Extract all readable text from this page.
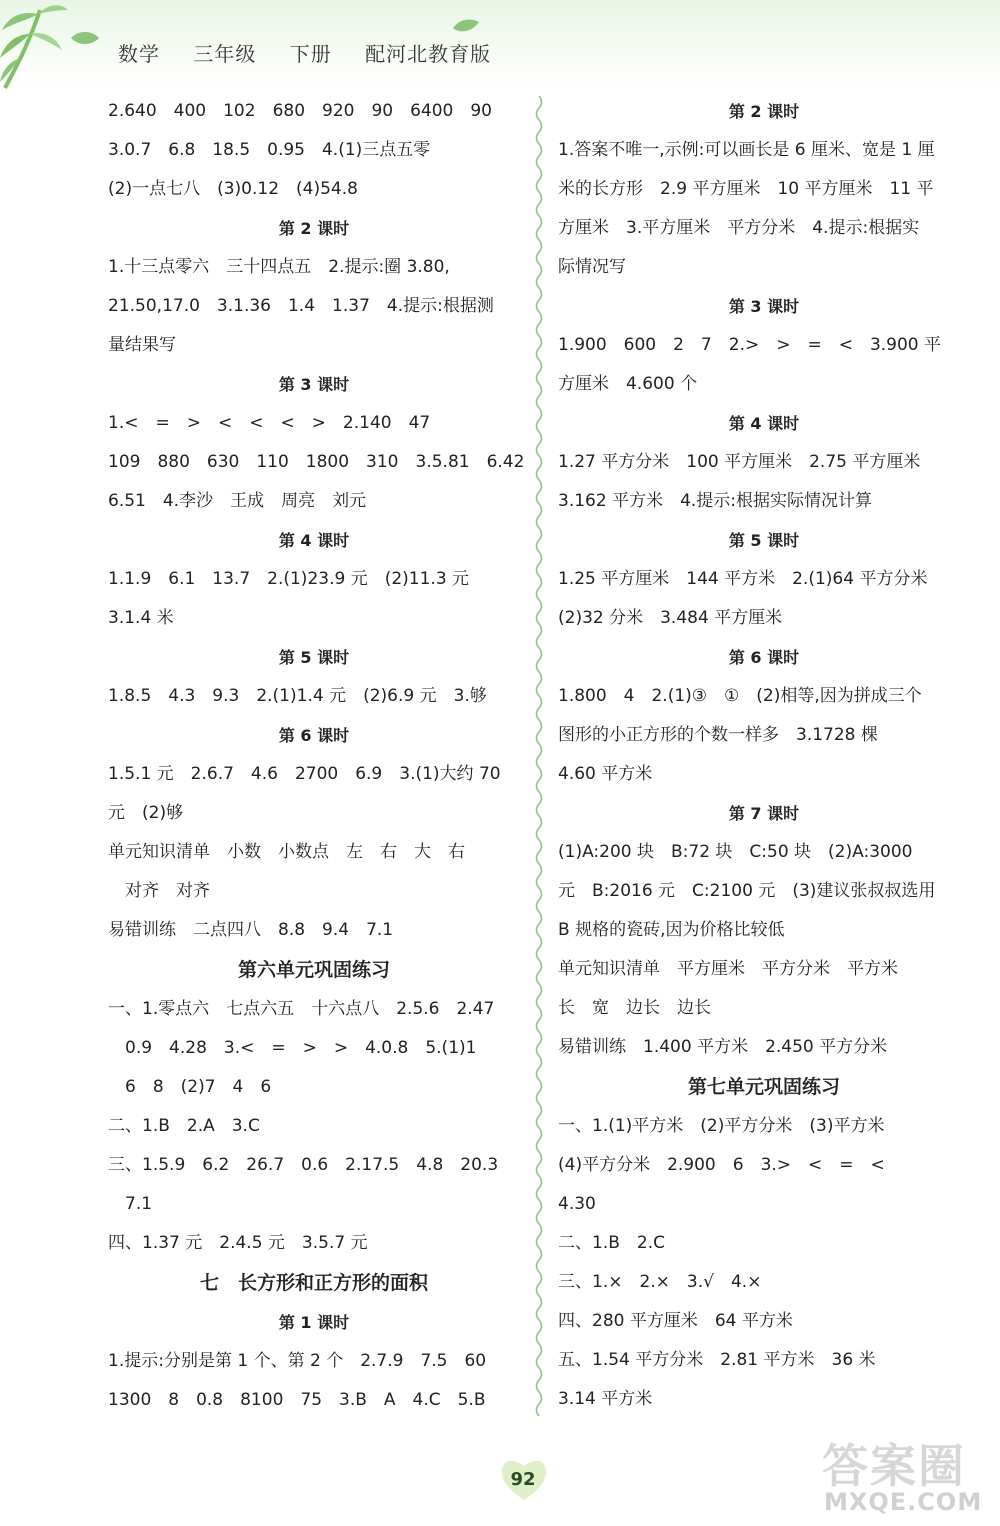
数学 三年级 下册 配河北教育版
2.640　400　102　680　920　90　6400　90
3.0.7　6.8　18.5　0.95　4.(1)三点五零
(2)一点七八　(3)0.12　(4)54.8
第 2 课时
1.十三点零六　三十四点五　2.提示:圈 3.80,
21.50,17.0　3.1.36　1.4　1.37　4.提示:根据测
量结果写
第 3 课时
1.<　=　>　<　<　<　>　2.140　47
109　880　630　110　1800　310　3.5.81　6.42
6.51　4.李沙　王成　周亮　刘元
第 4 课时
1.1.9　6.1　13.7　2.(1)23.9 元　(2)11.3 元
3.1.4 米
第 5 课时
1.8.5　4.3　9.3　2.(1)1.4 元　(2)6.9 元　3.够
第 6 课时
1.5.1 元　2.6.7　4.6　2700　6.9　3.(1)大约 70
元　(2)够
单元知识清单　小数　小数点　左　右　大　右
　对齐　对齐
易错训练　二点四八　8.8　9.4　7.1
第六单元巩固练习
一、1.零点六　七点六五　十六点八　2.5.6　2.47
　0.9　4.28　3.<　=　>　>　4.0.8　5.(1)1
　6　8　(2)7　4　6
二、1.B　2.A　3.C
三、1.5.9　6.2　26.7　0.6　2.17.5　4.8　20.3
　7.1
四、1.37 元　2.4.5 元　3.5.7 元
七　长方形和正方形的面积
第 1 课时
1.提示:分别是第 1 个、第 2 个　2.7.9　7.5　60
1300　8　0.8　8100　75　3.B　A　4.C　5.B
第 2 课时
1.答案不唯一,示例:可以画长是 6 厘米、宽是 1 厘
米的长方形　2.9 平方厘米　10 平方厘米　11 平
方厘米　3.平方厘米　平方分米　4.提示:根据实
际情况写
第 3 课时
1.900　600　2　7　2.>　>　=　<　3.900 平
方厘米　4.600 个
第 4 课时
1.27 平方分米　100 平方厘米　2.75 平方厘米
3.162 平方米　4.提示:根据实际情况计算
第 5 课时
1.25 平方厘米　144 平方米　2.(1)64 平方分米
(2)32 分米　3.484 平方厘米
第 6 课时
1.800　4　2.(1)③　①　(2)相等,因为拼成三个
图形的小正方形的个数一样多　3.1728 棵
4.60 平方米
第 7 课时
(1)A:200 块　B:72 块　C:50 块　(2)A:3000
元　B:2016 元　C:2100 元　(3)建议张叔叔选用
B 规格的瓷砖,因为价格比较低
单元知识清单　平方厘米　平方分米　平方米
长　宽　边长　边长
易错训练　1.400 平方米　2.450 平方分米
第七单元巩固练习
一、1.(1)平方米　(2)平方分米　(3)平方米
(4)平方分米　2.900　6　3.>　<　=　<
4.30
二、1.B　2.C
三、1.×　2.×　3.√　4.×
四、280 平方厘米　64 平方米
五、1.54 平方分米　2.81 平方米　36 米
3.14 平方米
92	答案圈
MXQE.COM
